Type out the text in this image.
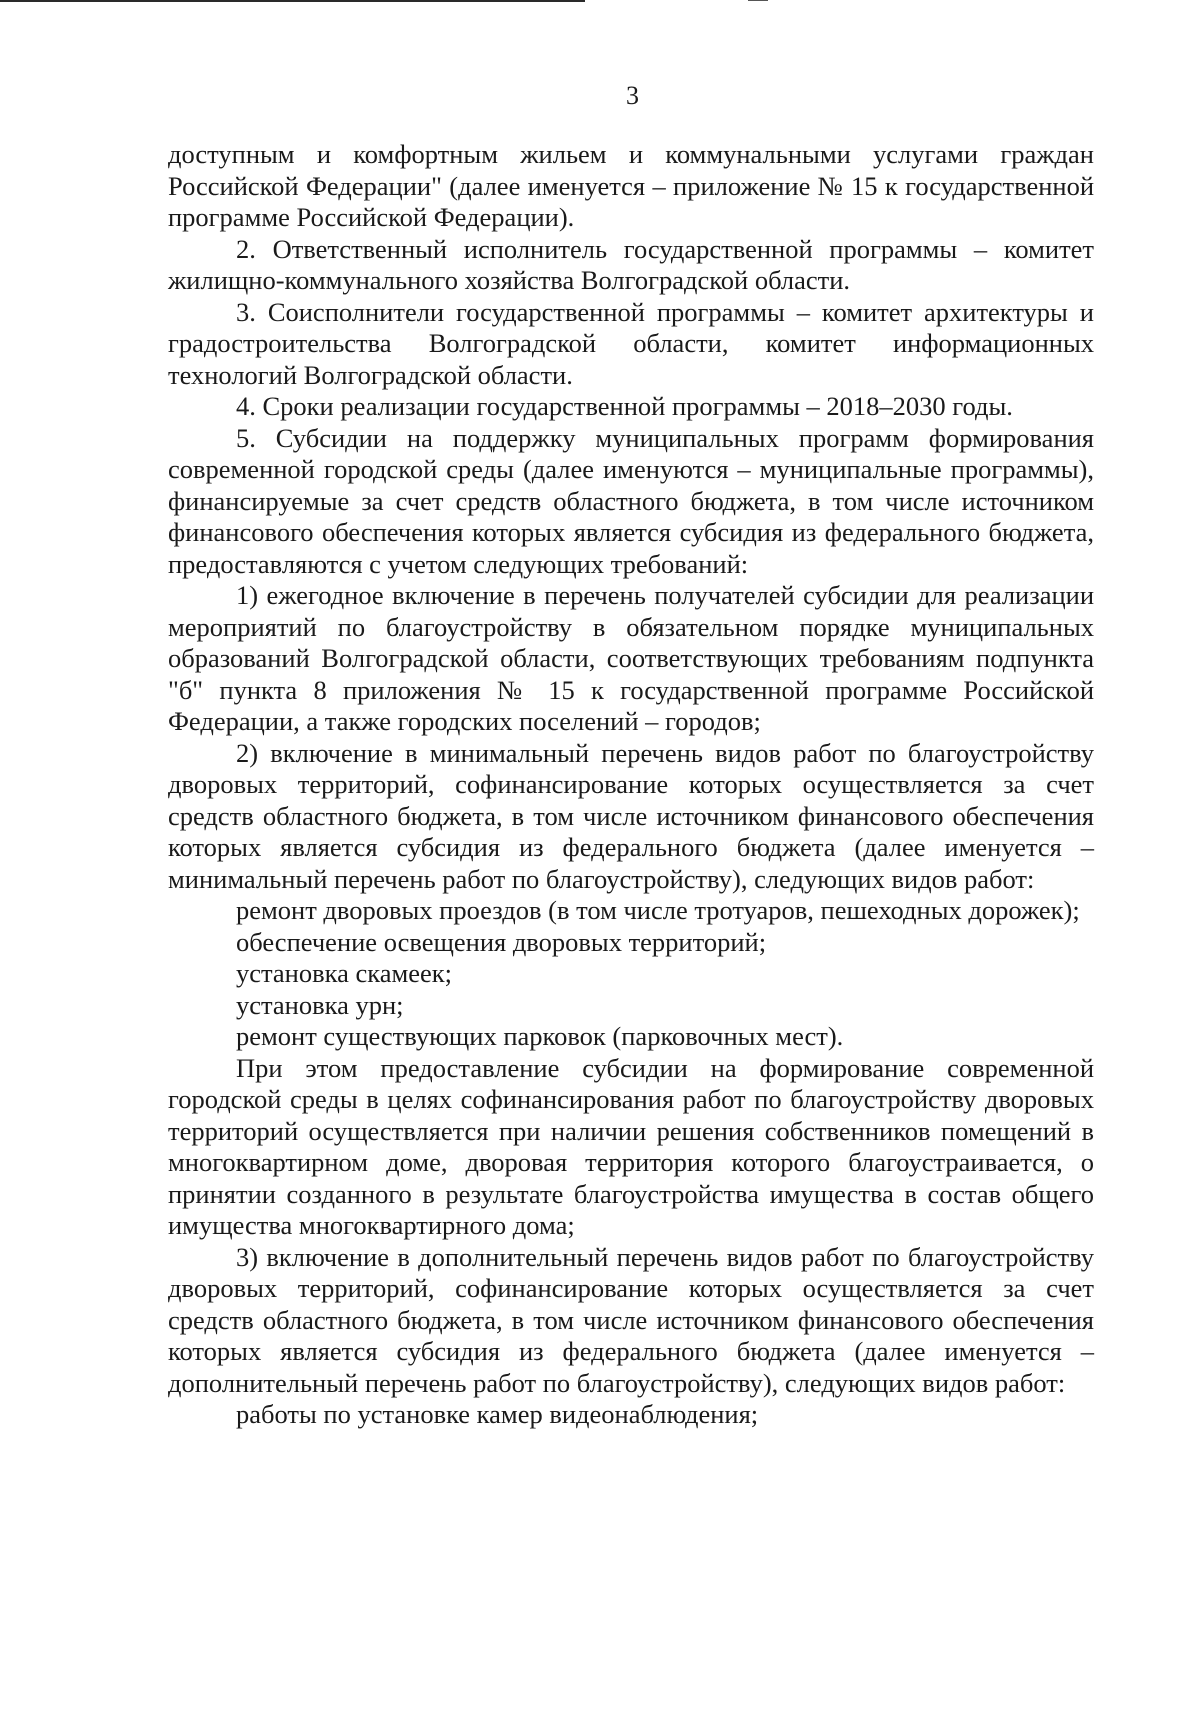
3

доступным и комфортным жильем и коммунальными услугами граждан Российской Федерации" (далее именуется – приложение № 15 к государственной программе Российской Федерации).

2. Ответственный исполнитель государственной программы – комитет жилищно-коммунального хозяйства Волгоградской области.

3. Соисполнители государственной программы – комитет архитектуры и градостроительства Волгоградской области, комитет информационных технологий Волгоградской области.

4. Сроки реализации государственной программы – 2018–2030 годы.

5. Субсидии на поддержку муниципальных программ формирования современной городской среды (далее именуются – муниципальные программы), финансируемые за счет средств областного бюджета, в том числе источником финансового обеспечения которых является субсидия из федерального бюджета, предоставляются с учетом следующих требований:

1) ежегодное включение в перечень получателей субсидии для реализации мероприятий по благоустройству в обязательном порядке муниципальных образований Волгоградской области, соответствующих требованиям подпункта "б" пункта 8 приложения № 15 к государственной программе Российской Федерации, а также городских поселений – городов;

2) включение в минимальный перечень видов работ по благоустройству дворовых территорий, софинансирование которых осуществляется за счет средств областного бюджета, в том числе источником финансового обеспечения которых является субсидия из федерального бюджета (далее именуется – минимальный перечень работ по благоустройству), следующих видов работ:

ремонт дворовых проездов (в том числе тротуаров, пешеходных дорожек);

обеспечение освещения дворовых территорий;

установка скамеек;

установка урн;

ремонт существующих парковок (парковочных мест).

При этом предоставление субсидии на формирование современной городской среды в целях софинансирования работ по благоустройству дворовых территорий осуществляется при наличии решения собственников помещений в многоквартирном доме, дворовая территория которого благоустраивается, о принятии созданного в результате благоустройства имущества в состав общего имущества многоквартирного дома;

3) включение в дополнительный перечень видов работ по благоустройству дворовых территорий, софинансирование которых осуществляется за счет средств областного бюджета, в том числе источником финансового обеспечения которых является субсидия из федерального бюджета (далее именуется – дополнительный перечень работ по благоустройству), следующих видов работ:

работы по установке камер видеонаблюдения;
